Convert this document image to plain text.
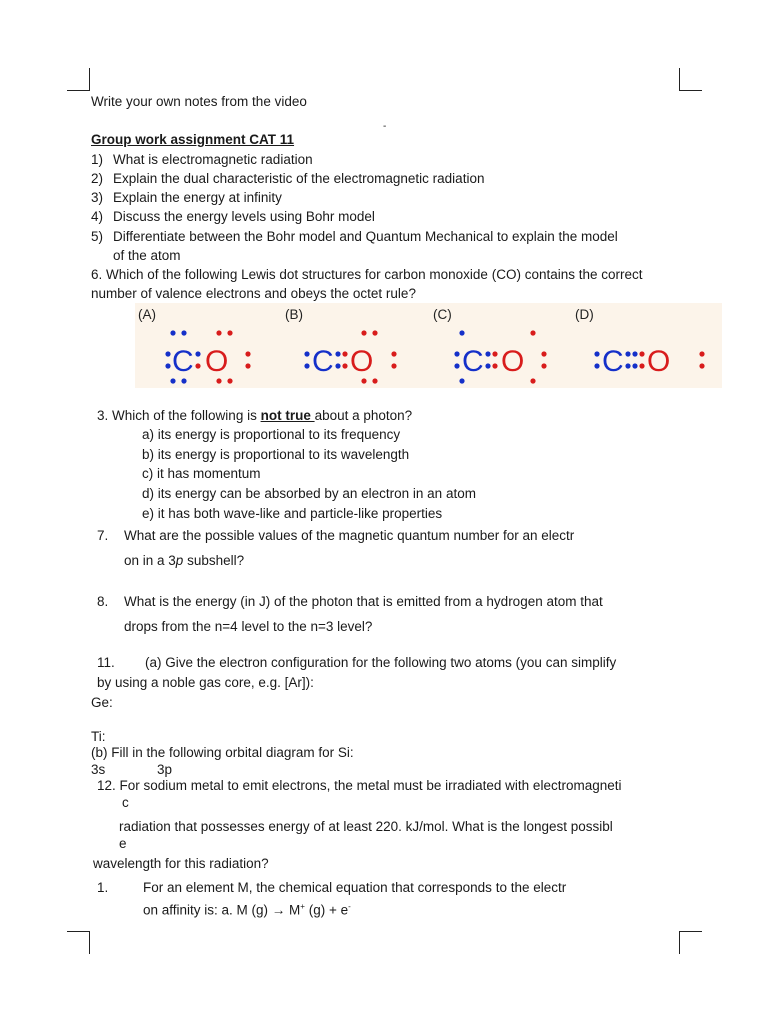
Write your own notes from the video
-
Group work assignment CAT 11
1) What is electromagnetic radiation
2) Explain the dual characteristic of the electromagnetic radiation
3) Explain the energy at infinity
4) Discuss the energy levels using Bohr model
5) Differentiate between the Bohr model and Quantum Mechanical to explain the model
of the atom
6. Which of the following Lewis dot structures for carbon monoxide (CO) contains the correct
number of valence electrons and obeys the octet rule?
(A)	(B)	(C)	(D)
C O	C O	C O	C O
3. Which of the following is not true about a photon?
a) its energy is proportional to its frequency
b) its energy is proportional to its wavelength
c) it has momentum
d) its energy can be absorbed by an electron in an atom
e) it has both wave-like and particle-like properties
7. What are the possible values of the magnetic quantum number for an electr
on in a 3p subshell?
8. What is the energy (in J) of the photon that is emitted from a hydrogen atom that
drops from the n=4 level to the n=3 level?
11. (a) Give the electron configuration for the following two atoms (you can simplify
by using a noble gas core, e.g. [Ar]):
Ge:
Ti:
(b) Fill in the following orbital diagram for Si:
3s	3p
12. For sodium metal to emit electrons, the metal must be irradiated with electromagneti
c
radiation that possesses energy of at least 220. kJ/mol. What is the longest possibl
e
wavelength for this radiation?
1.	For an element M, the chemical equation that corresponds to the electr
on affinity is: a. M (g) → M+ (g) + e-
